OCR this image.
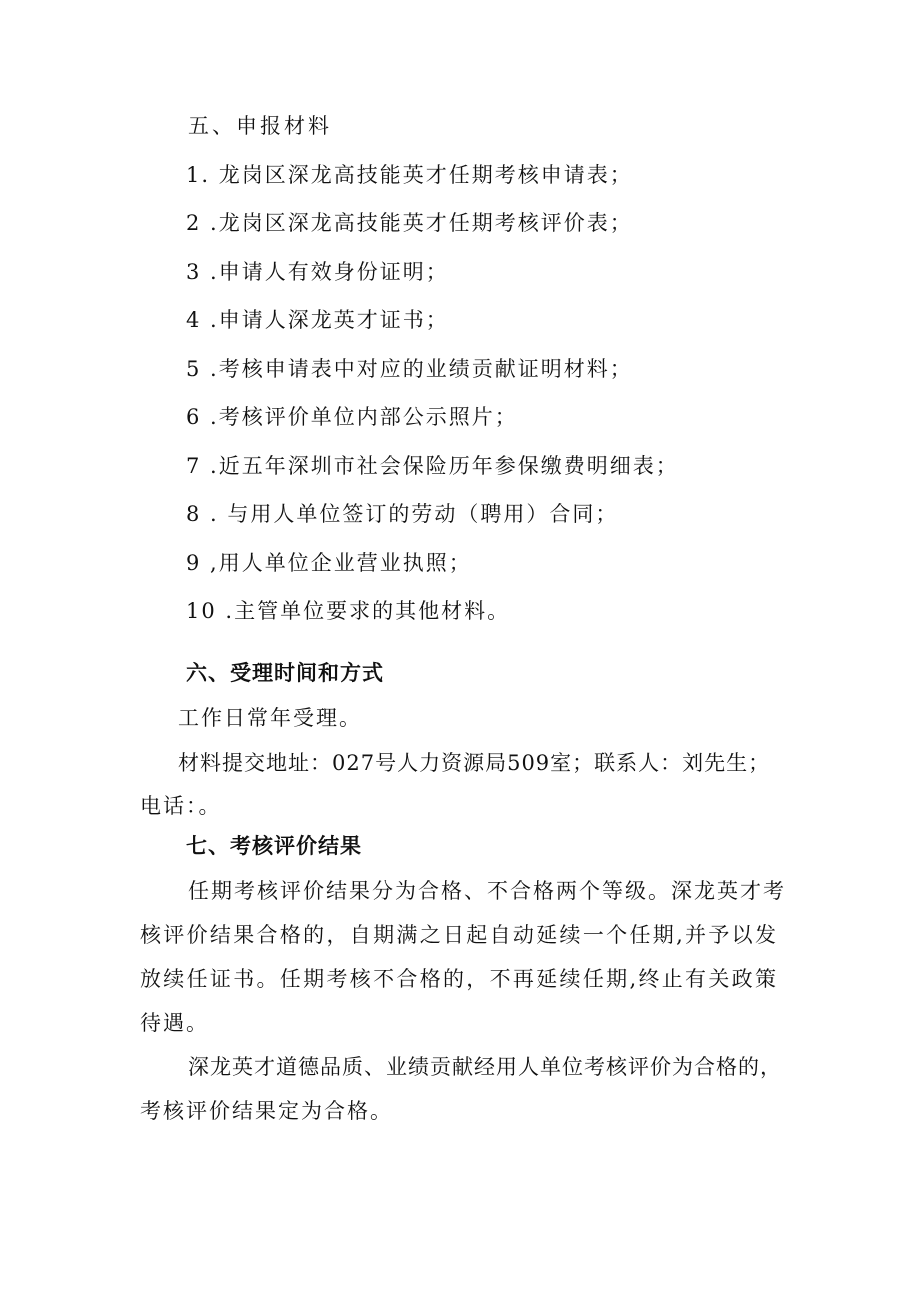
五、申报材料
1. 龙岗区深龙高技能英才任期考核申请表；
2 .龙岗区深龙高技能英才任期考核评价表；
3 .申请人有效身份证明；
4 .申请人深龙英才证书；
5 .考核申请表中对应的业绩贡献证明材料；
6 .考核评价单位内部公示照片；
7 .近五年深圳市社会保险历年参保缴费明细表；
8 . 与用人单位签订的劳动（聘用）合同；
9 ,用人单位企业营业执照；
10 .主管单位要求的其他材料。
六、受理时间和方式
工作日常年受理。
材料提交地址：027号人力资源局509室；联系人：刘先生；
电话：。
七、考核评价结果
任期考核评价结果分为合格、不合格两个等级。深龙英才考
核评价结果合格的，自期满之日起自动延续一个任期,并予以发
放续任证书。任期考核不合格的，不再延续任期,终止有关政策
待遇。
深龙英才道德品质、业绩贡献经用人单位考核评价为合格的，
考核评价结果定为合格。
